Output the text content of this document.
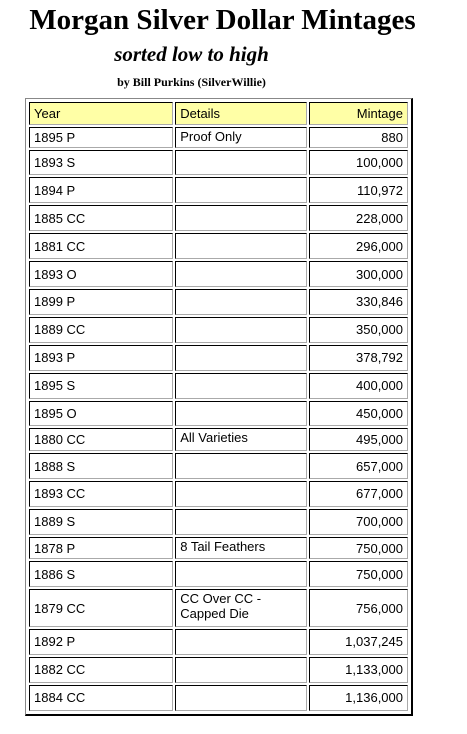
Morgan Silver Dollar Mintages
sorted low to high
by Bill Purkins (SilverWillie)
Year	Details	Mintage
1895 P	Proof Only	880
1893 S		100,000
1894 P		110,972
1885 CC		228,000
1881 CC		296,000
1893 O		300,000
1899 P		330,846
1889 CC		350,000
1893 P		378,792
1895 S		400,000
1895 O		450,000
1880 CC	All Varieties	495,000
1888 S		657,000
1893 CC		677,000
1889 S		700,000
1878 P	8 Tail Feathers	750,000
1886 S		750,000
1879 CC	CC Over CC - Capped Die	756,000
1892 P		1,037,245
1882 CC		1,133,000
1884 CC		1,136,000
